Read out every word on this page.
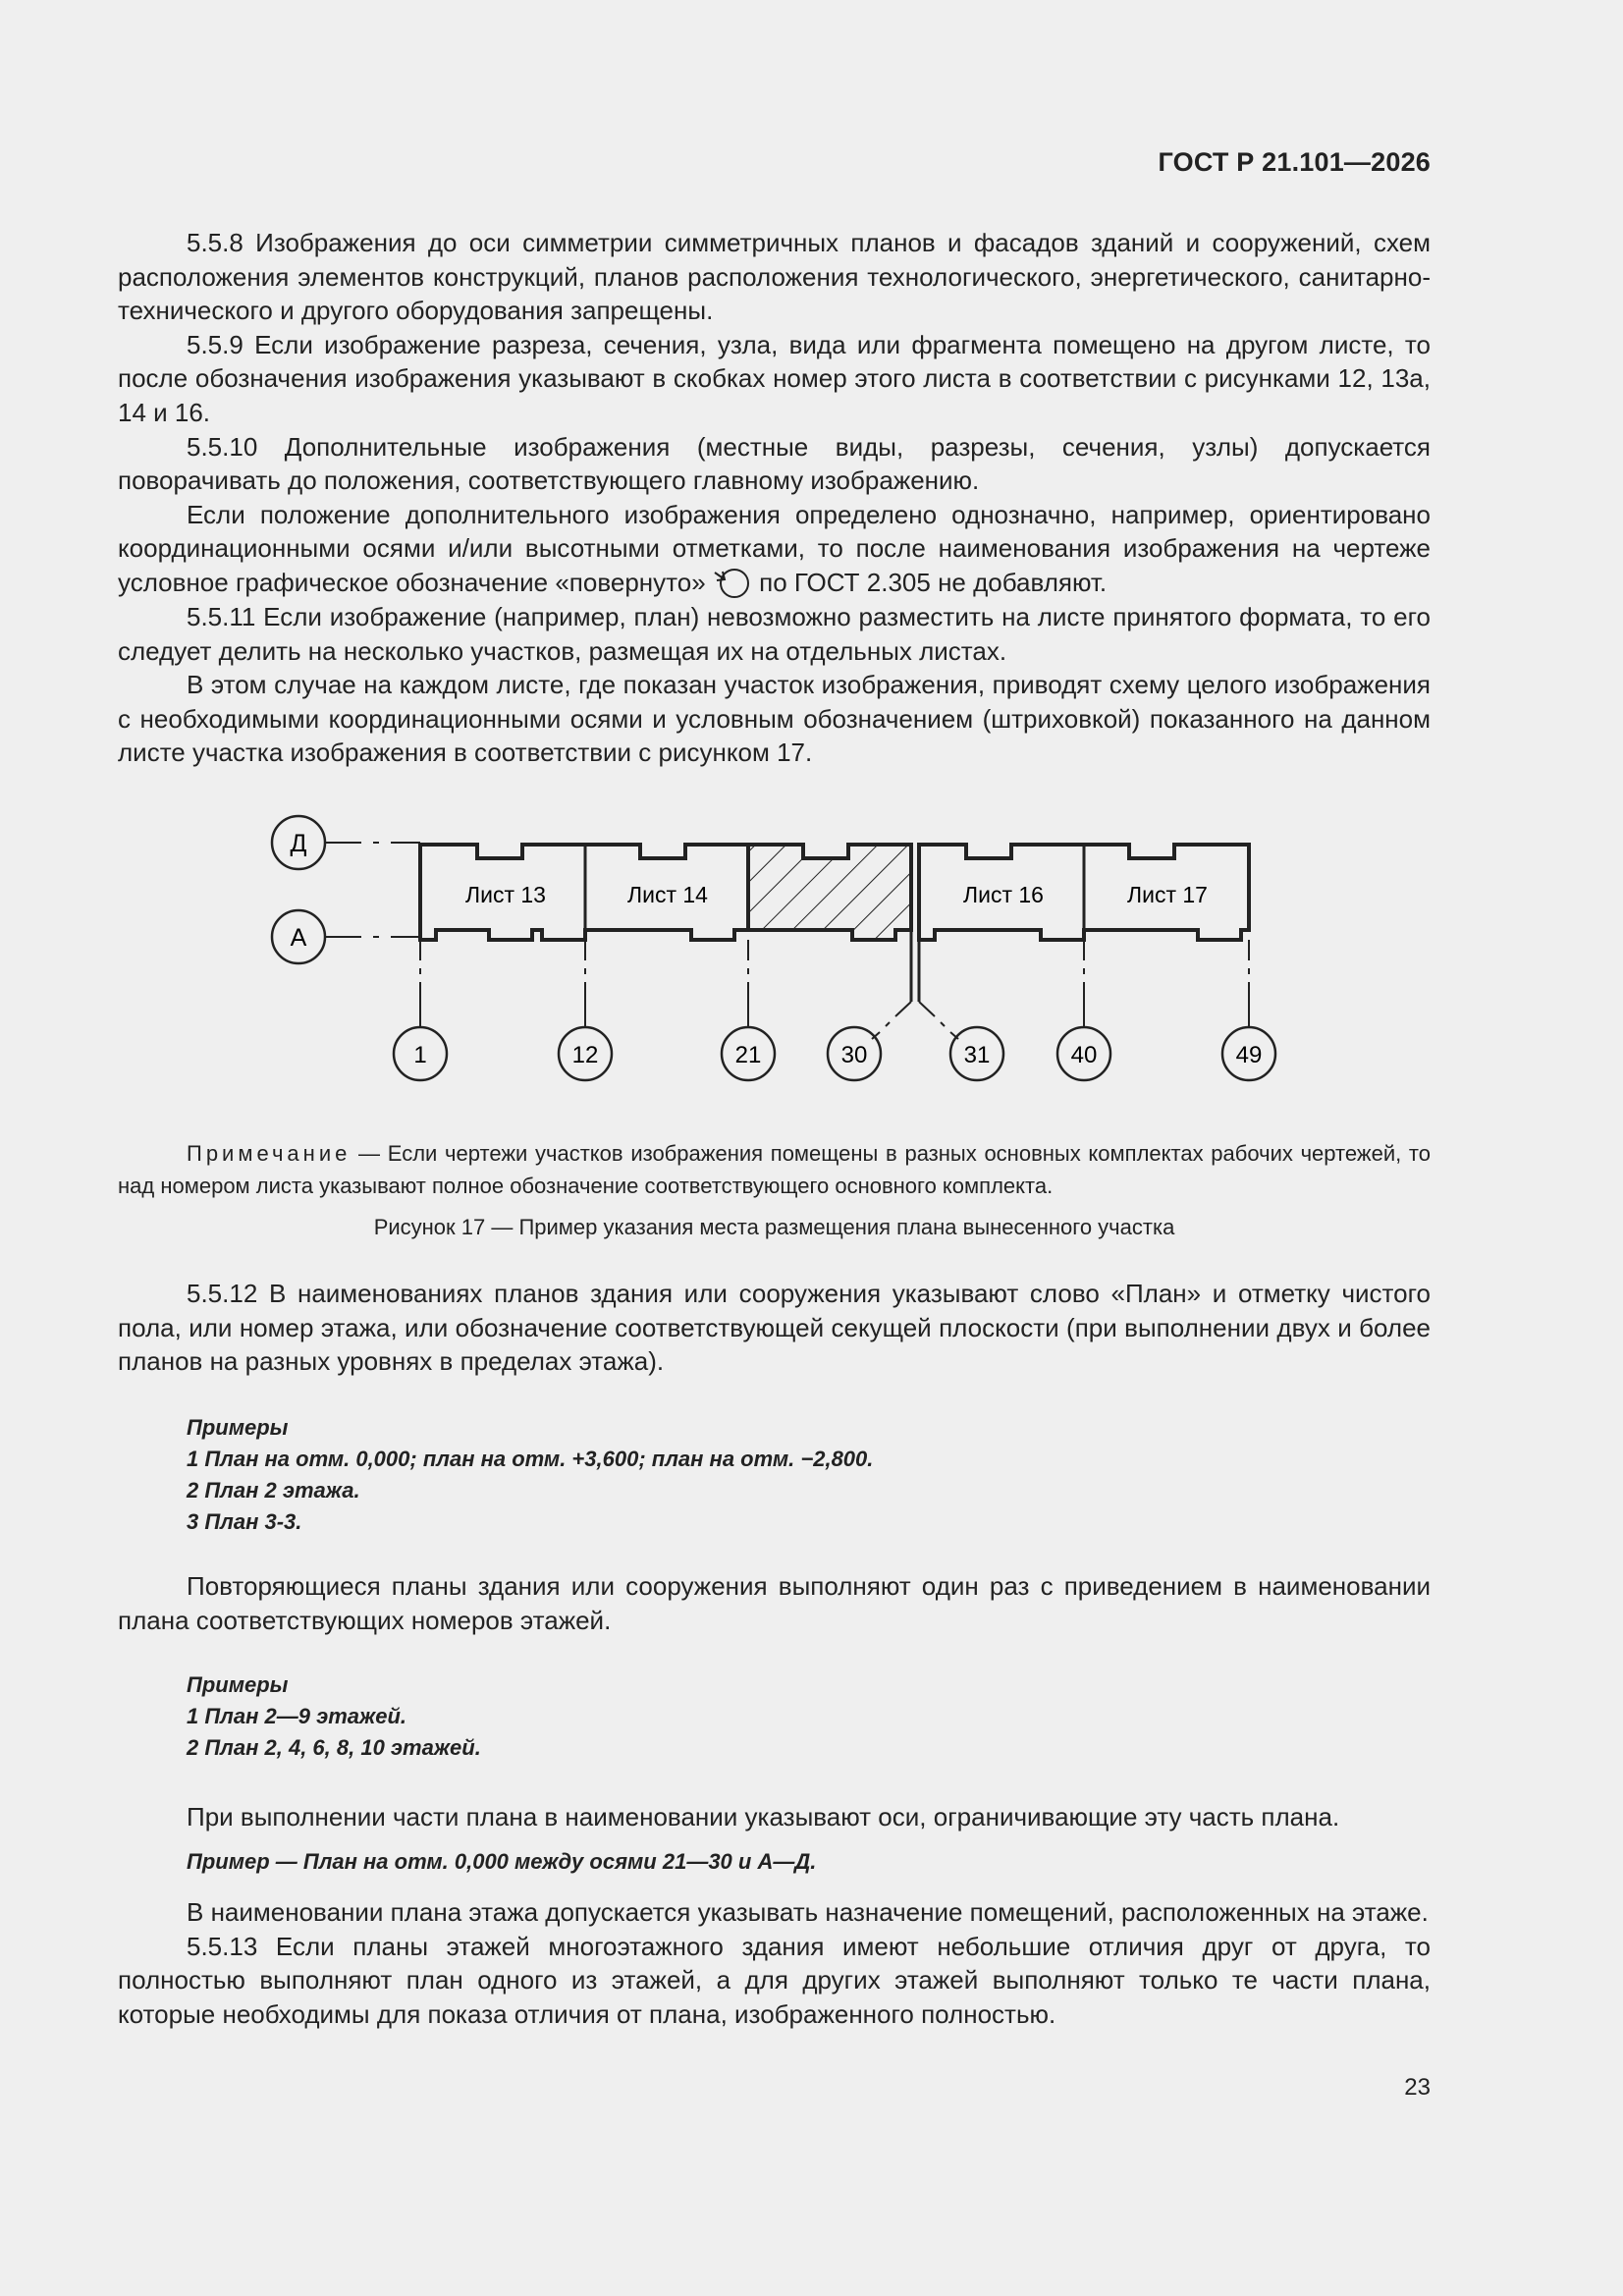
ГОСТ Р 21.101—2026

5.5.8 Изображения до оси симметрии симметричных планов и фасадов зданий и сооружений, схем расположения элементов конструкций, планов расположения технологического, энергетического, санитарно-технического и другого оборудования запрещены.

5.5.9 Если изображение разреза, сечения, узла, вида или фрагмента помещено на другом листе, то после обозначения изображения указывают в скобках номер этого листа в соответствии с рисунками 12, 13а, 14 и 16.

5.5.10 Дополнительные изображения (местные виды, разрезы, сечения, узлы) допускается поворачивать до положения, соответствующего главному изображению.

Если положение дополнительного изображения определено однозначно, например, ориентировано координационными осями и/или высотными отметками, то после наименования изображения на чертеже условное графическое обозначение «повернуто»  по ГОСТ 2.305 не добавляют.

5.5.11 Если изображение (например, план) невозможно разместить на листе принятого формата, то его следует делить на несколько участков, размещая их на отдельных листах.

В этом случае на каждом листе, где показан участок изображения, приводят схему целого изображения с необходимыми координационными осями и условным обозначением (штриховкой) показанного на данном листе участка изображения в соответствии с рисунком 17.

Д
А
Лист 13	Лист 14	Лист 16	Лист 17
1	12	21	30	31	40	49

Примечание — Если чертежи участков изображения помещены в разных основных комплектах рабочих чертежей, то над номером листа указывают полное обозначение соответствующего основного комплекта.

Рисунок 17 — Пример указания места размещения плана вынесенного участка

5.5.12 В наименованиях планов здания или сооружения указывают слово «План» и отметку чистого пола, или номер этажа, или обозначение соответствующей секущей плоскости (при выполнении двух и более планов на разных уровнях в пределах этажа).

Примеры
1 План на отм. 0,000; план на отм. +3,600; план на отм. −2,800.
2 План 2 этажа.
3 План 3-3.

Повторяющиеся планы здания или сооружения выполняют один раз с приведением в наименовании плана соответствующих номеров этажей.

Примеры
1 План 2—9 этажей.
2 План 2, 4, 6, 8, 10 этажей.

При выполнении части плана в наименовании указывают оси, ограничивающие эту часть плана.

Пример — План на отм. 0,000 между осями 21—30 и А—Д.

В наименовании плана этажа допускается указывать назначение помещений, расположенных на этаже.

5.5.13 Если планы этажей многоэтажного здания имеют небольшие отличия друг от друга, то полностью выполняют план одного из этажей, а для других этажей выполняют только те части плана, которые необходимы для показа отличия от плана, изображенного полностью.

23
